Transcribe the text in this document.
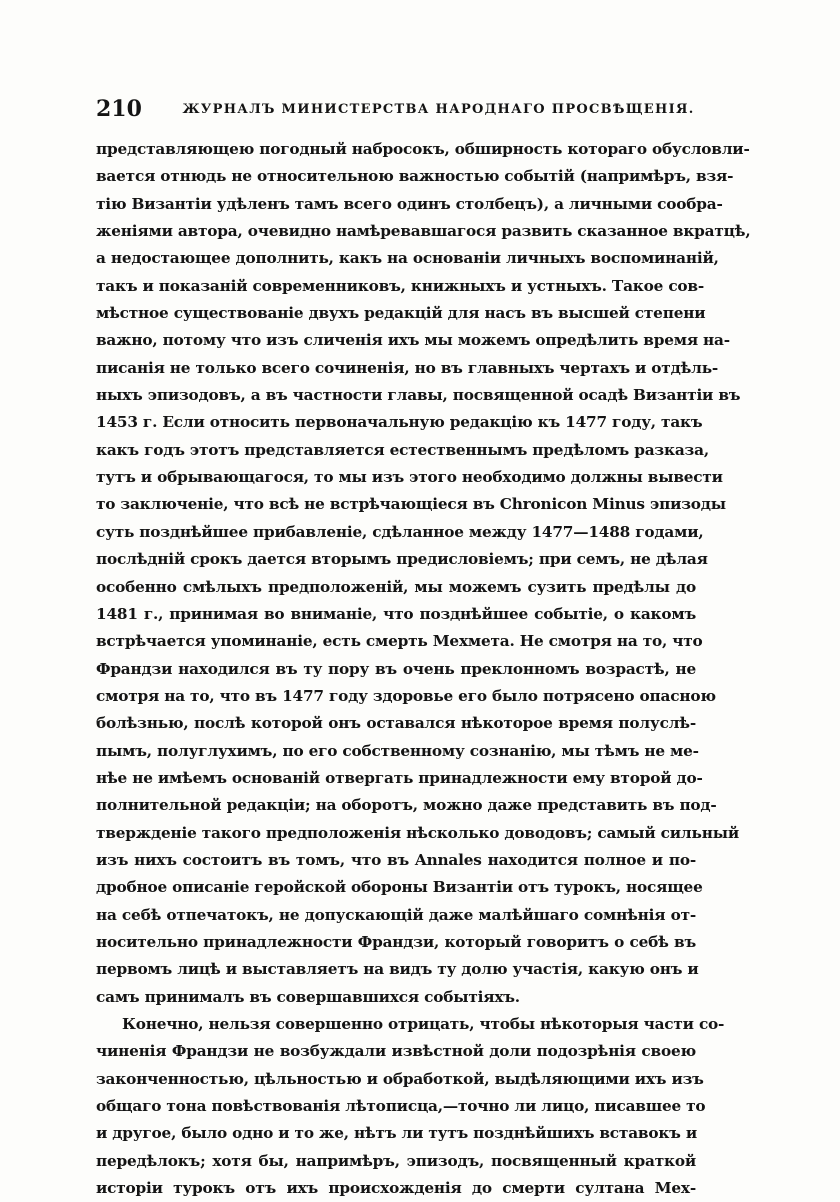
210	ЖУРНАЛЪ МИНИСТЕРСТВА НАРОДНАГО ПРОСВѢЩЕНІЯ.
представляющею погодный набросокъ, обширность котораго обусловли-
вается отнюдь не относительною важностью событій (напримѣръ, взя-
тію Византіи удѣленъ тамъ всего одинъ столбецъ), а личными сообра-
женіями автора, очевидно намѣревавшагося развить сказанное вкратцѣ,
а недостающее дополнить, какъ на основаніи личныхъ воспоминаній,
такъ и показаній современниковъ, книжныхъ и устныхъ. Такое сов-
мѣстное существованіе двухъ редакцій для насъ въ высшей степени
важно, потому что изъ сличенія ихъ мы можемъ опредѣлить время на-
писанія не только всего сочиненія, но въ главныхъ чертахъ и отдѣль-
ныхъ эпизодовъ, а въ частности главы, посвященной осадѣ Византіи въ
1453 г. Если относить первоначальную редакцію къ 1477 году, такъ
какъ годъ этотъ представляется естественнымъ предѣломъ разказа,
тутъ и обрывающагося, то мы изъ этого необходимо должны вывести
то заключеніе, что всѣ не встрѣчающіеся въ Chronicon Minus эпизоды
суть позднѣйшее прибавленіе, сдѣланное между 1477—1488 годами,
послѣдній срокъ дается вторымъ предисловіемъ; при семъ, не дѣлая
особенно смѣлыхъ предположеній, мы можемъ сузить предѣлы до
1481 г., принимая во вниманіе, что позднѣйшее событіе, о какомъ
встрѣчается упоминаніе, есть смерть Мехмета. Не смотря на то, что
Франдзи находился въ ту пору въ очень преклонномъ возрастѣ, не
смотря на то, что въ 1477 году здоровье его было потрясено опасною
болѣзнью, послѣ которой онъ оставался нѣкоторое время полуслѣ-
пымъ, полуглухимъ, по его собственному сознанію, мы тѣмъ не ме-
нѣе не имѣемъ основаній отвергать принадлежности ему второй до-
полнительной редакціи; на оборотъ, можно даже представить въ под-
твержденіе такого предположенія нѣсколько доводовъ; самый сильный
изъ нихъ состоитъ въ томъ, что въ Annales находится полное и по-
дробное описаніе геройской обороны Византіи отъ турокъ, носящее
на себѣ отпечатокъ, не допускающій даже малѣйшаго сомнѣнія от-
носительно принадлежности Франдзи, который говоритъ о себѣ въ
первомъ лицѣ и выставляетъ на видъ ту долю участія, какую онъ и
самъ принималъ въ совершавшихся событіяхъ.
Конечно, нельзя совершенно отрицать, чтобы нѣкоторыя части со-
чиненія Франдзи не возбуждали извѣстной доли подозрѣнія своею
законченностью, цѣльностью и обработкой, выдѣляющими ихъ изъ
общаго тона повѣствованія лѣтописца,—точно ли лицо, писавшее то
и другое, было одно и то же, нѣтъ ли тутъ позднѣйшихъ вставокъ и
передѣлокъ; хотя бы, напримѣръ, эпизодъ, посвященный краткой
исторіи турокъ отъ ихъ происхожденія до смерти султана Мех-
